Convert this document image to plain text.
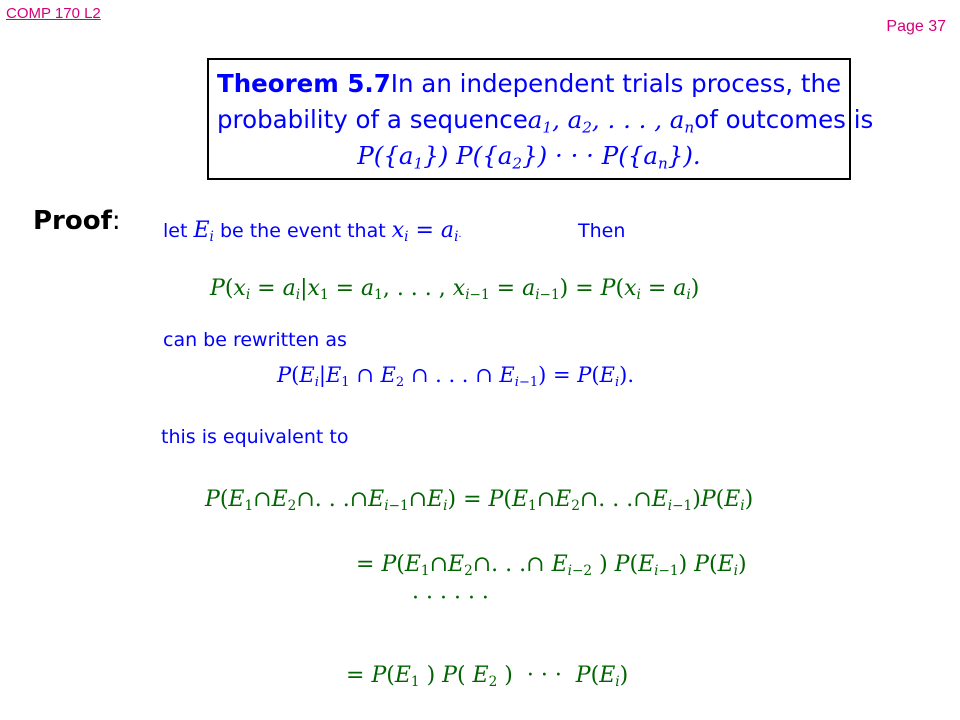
COMP 170 L2
Page 37
Theorem 5.7 In an independent trials process, the
probability of a sequence $a_1$, $a_2$, . . . , $a_n$ of outcomes is
$P(\{a_1\}) P(\{a_2\})$ · · · $P(\{a_n\})$.
Proof: let $E_i$ be the event that $x_i = a_i$.	Then
$P(x_i = a_i|x_1 = a_1$, . . . , $x_{i-1} = a_{i-1}) = P(x_i = a_i)$
can be rewritten as
$P(E_i|E_1$ ∩ $E_2$ ∩ . . . ∩ $E_{i-1}) = P(E_i)$.
this is equivalent to
$P(E_1\cap E_2\cap$. . $.\cap E_{i-1}\cap E_i$) = $P(E_1\cap E_2\cap$. . $.\cap E_{i-1})P(E_i)$
= $P(E_1\cap E_2\cap$. . .∩ $E_{i-2}$ ) $P(E_{i-1})$ $P(E_i)$
· · · · · ·
= $P(E_1$ ) P( $E_2$ )  · · ·  $P(E_i)$
